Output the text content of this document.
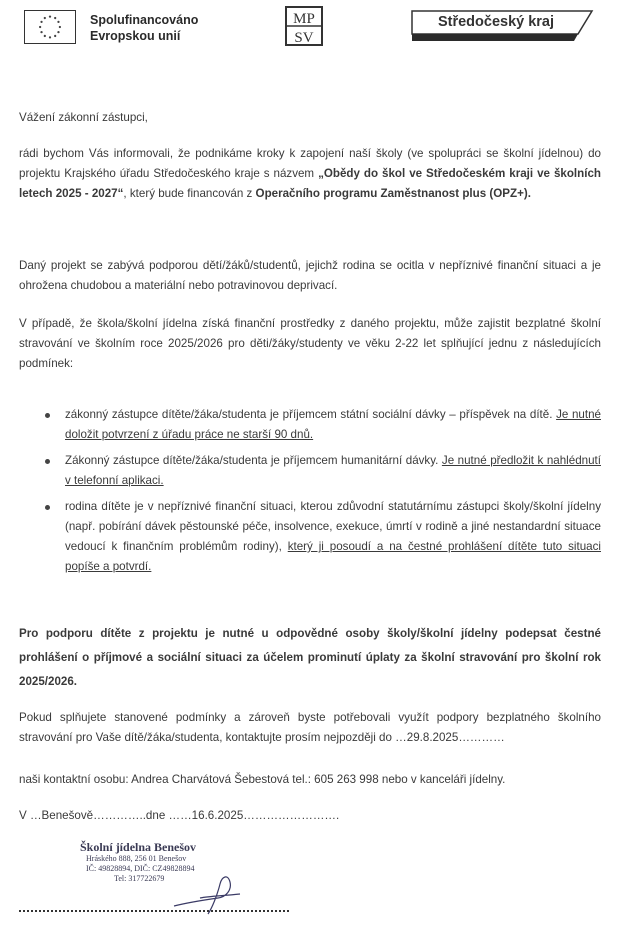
Spolufinancováno
Evropskou unií
MP
SV
Středočeský kraj

Vážení zákonní zástupci,

rádi bychom Vás informovali, že podnikáme kroky k zapojení naší školy (ve spolupráci se školní jídelnou) do projektu Krajského úřadu Středočeského kraje s názvem „Obědy do škol ve Středočeském kraji ve školních letech 2025 - 2027“, který bude financován z Operačního programu Zaměstnanost plus (OPZ+).

Daný projekt se zabývá podporou dětí/žáků/studentů, jejichž rodina se ocitla v nepříznivé finanční situaci a je ohrožena chudobou a materiální nebo potravinovou deprivací.

V případě, že škola/školní jídelna získá finanční prostředky z daného projektu, může zajistit bezplatné školní stravování ve školním roce 2025/2026 pro děti/žáky/studenty ve věku 2-22 let splňující jednu z následujících podmínek:

zákonný zástupce dítěte/žáka/studenta je příjemcem státní sociální dávky – příspěvek na dítě. Je nutné doložit potvrzení z úřadu práce ne starší 90 dnů.
Zákonný zástupce dítěte/žáka/studenta je příjemcem humanitární dávky. Je nutné předložit k nahlédnutí v telefonní aplikaci.
rodina dítěte je v nepříznivé finanční situaci, kterou zdůvodní statutárnímu zástupci školy/školní jídelny (např. pobírání dávek pěstounské péče, insolvence, exekuce, úmrtí v rodině a jiné nestandardní situace vedoucí k finančním problémům rodiny), který ji posoudí a na čestné prohlášení dítěte tuto situaci popíše a potvrdí.

Pro podporu dítěte z projektu je nutné u odpovědné osoby školy/školní jídelny podepsat čestné prohlášení o příjmové a sociální situaci za účelem prominutí úplaty za školní stravování pro školní rok 2025/2026.

Pokud splňujete stanovené podmínky a zároveň byste potřebovali využít podpory bezplatného školního stravování pro Vaše dítě/žáka/studenta, kontaktujte prosím nejpozději do …29.8.2025…………

naši kontaktní osobu: Andrea Charvátová Šebestová tel.: 605 263 998 nebo v kanceláři jídelny.

V …Benešově…………..dne ……16.6.2025…………………….

Školní jídelna Benešov
Hráského 888, 256 01 Benešov
IČ: 49828894, DIČ: CZ49828894
Tel: 317722679
